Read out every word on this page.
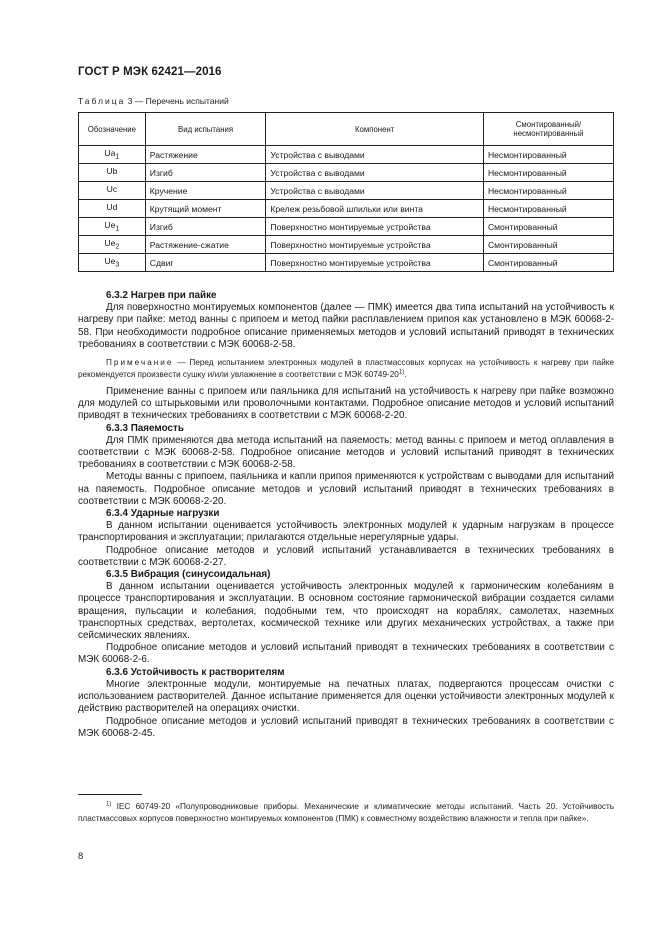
ГОСТ Р МЭК 62421—2016
Таблица 3 — Перечень испытаний
Обозначение	Вид испытания	Компонент	Смонтированный/ несмонтированный
$Ua_1$	Растяжение	Устройства с выводами	Несмонтированный
Ub	Изгиб	Устройства с выводами	Несмонтированный
Uc	Кручение	Устройства с выводами	Несмонтированный
Ud	Крутящий момент	Крележ резьбовой шпильки или винта	Несмонтированный
$Ue_1$	Изгиб	Поверхностно монтируемые устройства	Смонтированный
$Ue_2$	Растяжение-сжатие	Поверхностно монтируемые устройства	Смонтированный
$Ue_3$	Сдвиг	Поверхностно монтируемые устройства	Смонтированный

6.3.2 Нагрев при пайке

Для поверхностно монтируемых компонентов (далее — ПМК) имеется два типа испытаний на устойчивость к нагреву при пайке: метод ванны с припоем и метод пайки расплавлением припоя как установлено в МЭК 60068-2-58. При необходимости подробное описание применяемых методов и условий испытаний приводят в технических требованиях в соответствии с МЭК 60068-2-58.

Примечание — Перед испытанием электронных модулей в пластмассовых корпусах на устойчивость к нагреву при пайке рекомендуется произвести сушку и/или увлажнение в соответствии с МЭК 60749-20$^{1)}$.

Применение ванны с припоем или паяльника для испытаний на устойчивость к нагреву при пайке возможно для модулей со штырьковыми или проволочными контактами. Подробное описание методов и условий испытаний приводят в технических требованиях в соответствии с МЭК 60068-2-20.

6.3.3 Паяемость

Для ПМК применяются два метода испытаний на паяемость: метод ванны с припоем и метод оплавления в соответствии с МЭК 60068-2-58. Подробное описание методов и условий испытаний приводят в технических требованиях в соответствии с МЭК 60068-2-58.

Методы ванны с припоем, паяльника и капли припоя применяются к устройствам с выводами для испытаний на паяемость. Подробное описание методов и условий испытаний приводят в технических требованиях в соответствии с МЭК 60068-2-20.

6.3.4 Ударные нагрузки

В данном испытании оценивается устойчивость электронных модулей к ударным нагрузкам в процессе транспортирования и эксплуатации; прилагаются отдельные нерегулярные удары.

Подробное описание методов и условий испытаний устанавливается в технических требованиях в соответствии с МЭК 60068-2-27.

6.3.5 Вибрация (синусоидальная)

В данном испытании оценивается устойчивость электронных модулей к гармоническим колебаниям в процессе транспортирования и эксплуатации. В основном состояние гармонической вибрации создается силами вращения, пульсации и колебания, подобными тем, что происходят на кораблях, самолетах, наземных транспортных средствах, вертолетах, космической технике или других механических устройствах, а также при сейсмических явлениях.

Подробное описание методов и условий испытаний приводят в технических требованиях в соответствии с МЭК 60068-2-6.

6.3.6 Устойчивость к растворителям

Многие электронные модули, монтируемые на печатных платах, подвергаются процессам очистки с использованием растворителей. Данное испытание применяется для оценки устойчивости электронных модулей к действию растворителей на операциях очистки.

Подробное описание методов и условий испытаний приводят в технических требованиях в соответствии с МЭК 60068-2-45.

$^{1)}$ IEC 60749-20 «Полупроводниковые приборы. Механические и климатические методы испытаний. Часть 20. Устойчивость пластмассовых корпусов поверхностно монтируемых компонентов (ПМК) к совместному воздействию влажности и тепла при пайке».

8
